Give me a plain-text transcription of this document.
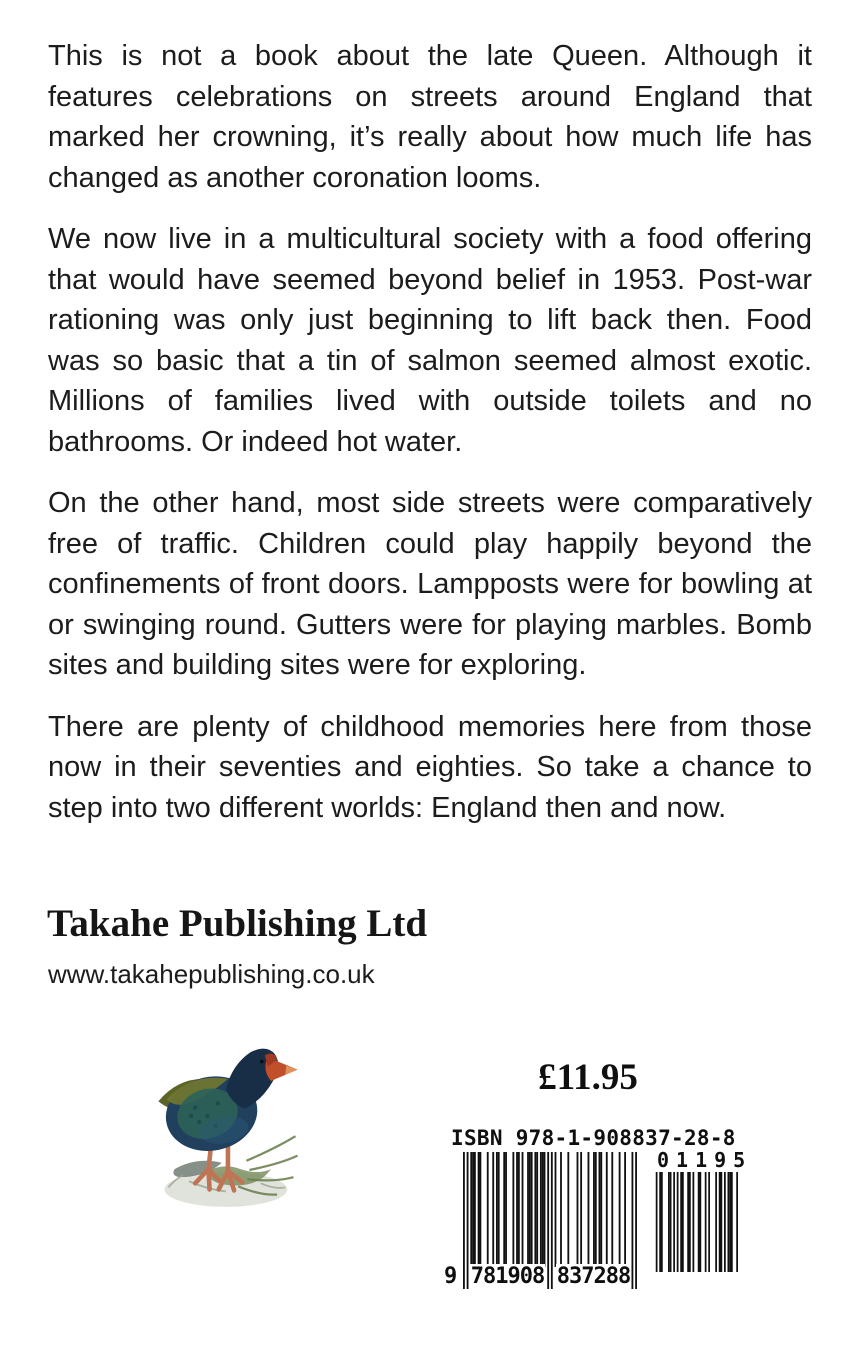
This is not a book about the late Queen. Although it features celebrations on streets around England that marked her crowning, it’s really about how much life has changed as another coronation looms.

We now live in a multicultural society with a food offering that would have seemed beyond belief in 1953. Post-war rationing was only just beginning to lift back then. Food was so basic that a tin of salmon seemed almost exotic. Millions of families lived with outside toilets and no bathrooms. Or indeed hot water.

On the other hand, most side streets were comparatively free of traffic. Children could play happily beyond the confinements of front doors. Lampposts were for bowling at or swinging round. Gutters were for playing marbles. Bomb sites and building sites were for exploring.

There are plenty of childhood memories here from those now in their seventies and eighties. So take a chance to step into two different worlds: England then and now.

Takahe Publishing Ltd
www.takahepublishing.co.uk
£11.95
ISBN 978-1-908837-28-8
01195
9 781908 837288
